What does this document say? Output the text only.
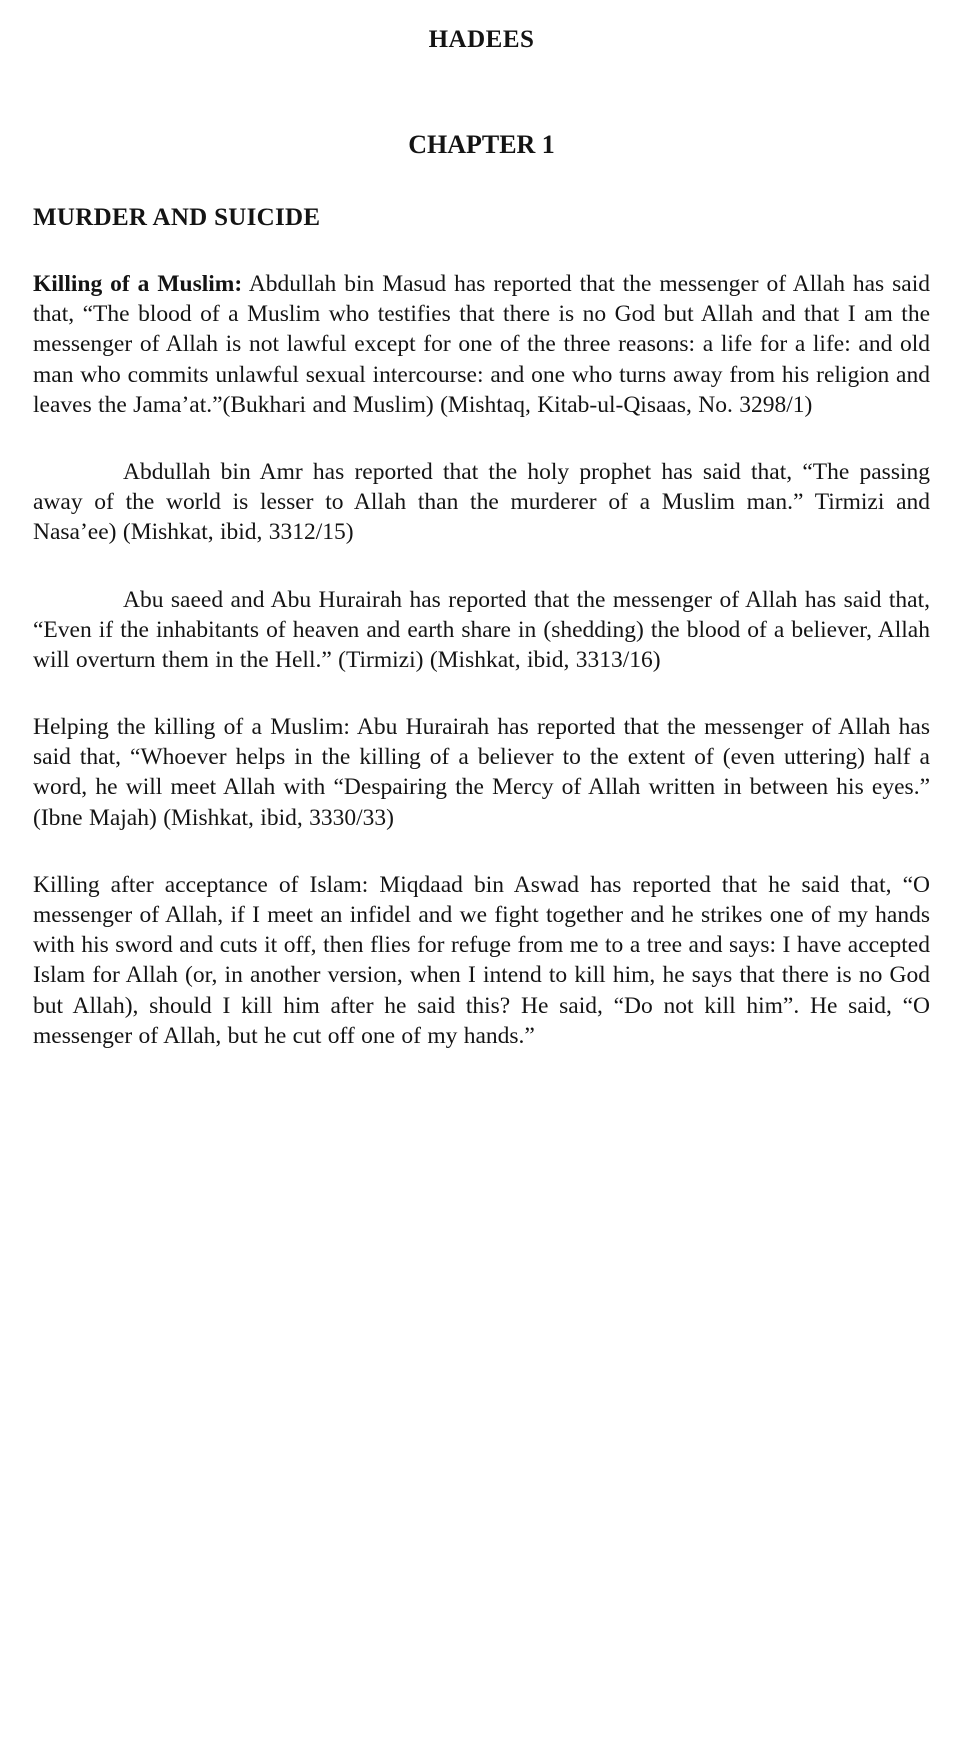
HADEES
CHAPTER 1
MURDER AND SUICIDE

Killing of a Muslim: Abdullah bin Masud has reported that the messenger of Allah has said that, “The blood of a Muslim who testifies that there is no God but Allah and that I am the messenger of Allah is not lawful except for one of the three reasons: a life for a life: and old man who commits unlawful sexual intercourse: and one who turns away from his religion and leaves the Jama’at.”(Bukhari and Muslim) (Mishtaq, Kitab-ul-Qisaas, No. 3298/1)

Abdullah bin Amr has reported that the holy prophet has said that, “The passing away of the world is lesser to Allah than the murderer of a Muslim man.” Tirmizi and Nasa’ee) (Mishkat, ibid, 3312/15)

Abu saeed and Abu Hurairah has reported that the messenger of Allah has said that, “Even if the inhabitants of heaven and earth share in (shedding) the blood of a believer, Allah will overturn them in the Hell.” (Tirmizi) (Mishkat, ibid, 3313/16)

Helping the killing of a Muslim: Abu Hurairah has reported that the messenger of Allah has said that, “Whoever helps in the killing of a believer to the extent of (even uttering) half a word, he will meet Allah with “Despairing the Mercy of Allah written in between his eyes.” (Ibne Majah) (Mishkat, ibid, 3330/33)

Killing after acceptance of Islam: Miqdaad bin Aswad has reported that he said that, “O messenger of Allah, if I meet an infidel and we fight together and he strikes one of my hands with his sword and cuts it off, then flies for refuge from me to a tree and says: I have accepted Islam for Allah (or, in another version, when I intend to kill him, he says that there is no God but Allah), should I kill him after he said this? He said, “Do not kill him”. He said, “O messenger of Allah, but he cut off one of my hands.”
